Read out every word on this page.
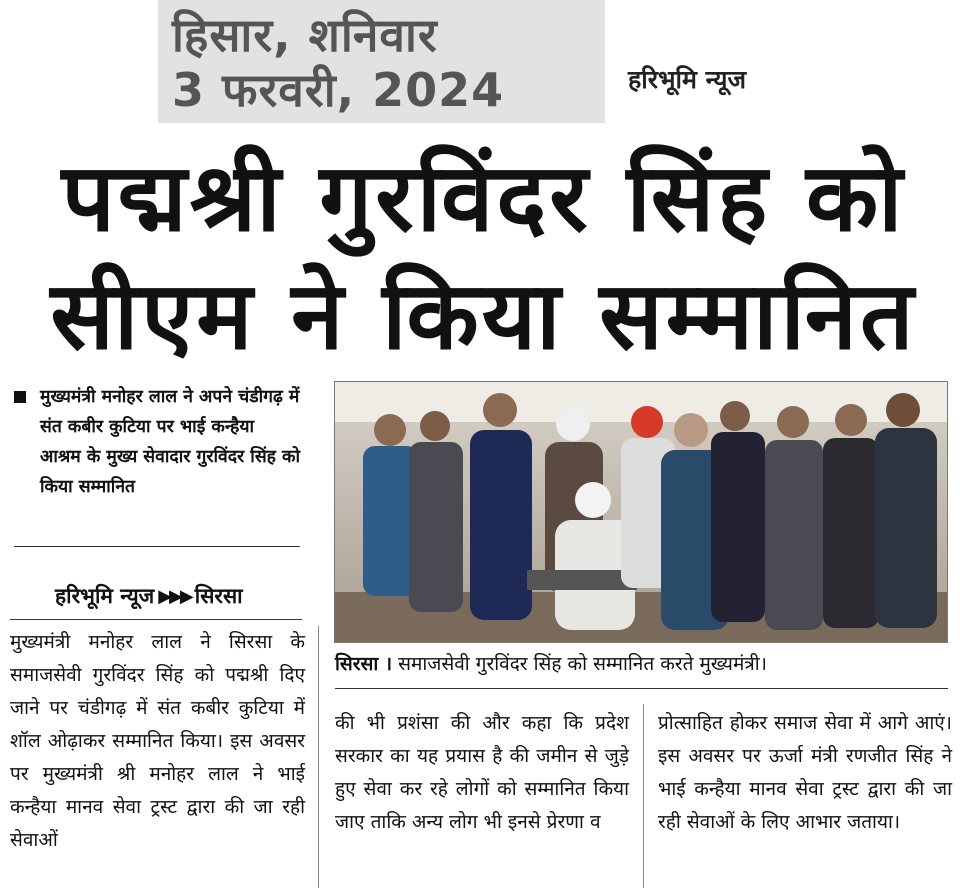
हिसार, शनिवार
3 फरवरी, 2024	हरिभूमि न्यूज
पद्मश्री गुरविंदर सिंह को
सीएम ने किया सम्मानित
मुख्यमंत्री मनोहर लाल ने अपने चंडीगढ़ में संत कबीर कुटिया पर भाई कन्हैया आश्रम के मुख्य सेवादार गुरविंदर सिंह को किया सम्मानित
हरिभूमि न्यूज ▶▶▶ सिरसा
सिरसा । समाजसेवी गुरविंदर सिंह को सम्मानित करते मुख्यमंत्री।
मुख्यमंत्री मनोहर लाल ने सिरसा के समाजसेवी गुरविंदर सिंह को पद्मश्री दिए जाने पर चंडीगढ़ में संत कबीर कुटिया में शॉल ओढ़ाकर सम्मानित किया। इस अवसर पर मुख्यमंत्री श्री मनोहर लाल ने भाई कन्हैया मानव सेवा ट्रस्ट द्वारा की जा रही सेवाओं
की भी प्रशंसा की और कहा कि प्रदेश सरकार का यह प्रयास है की जमीन से जुड़े हुए सेवा कर रहे लोगों को सम्मानित किया जाए ताकि अन्य लोग भी इनसे प्रेरणा व
प्रोत्साहित होकर समाज सेवा में आगे आएं। इस अवसर पर ऊर्जा मंत्री रणजीत सिंह ने भाई कन्हैया मानव सेवा ट्रस्ट द्वारा की जा रही सेवाओं के लिए आभार जताया।
